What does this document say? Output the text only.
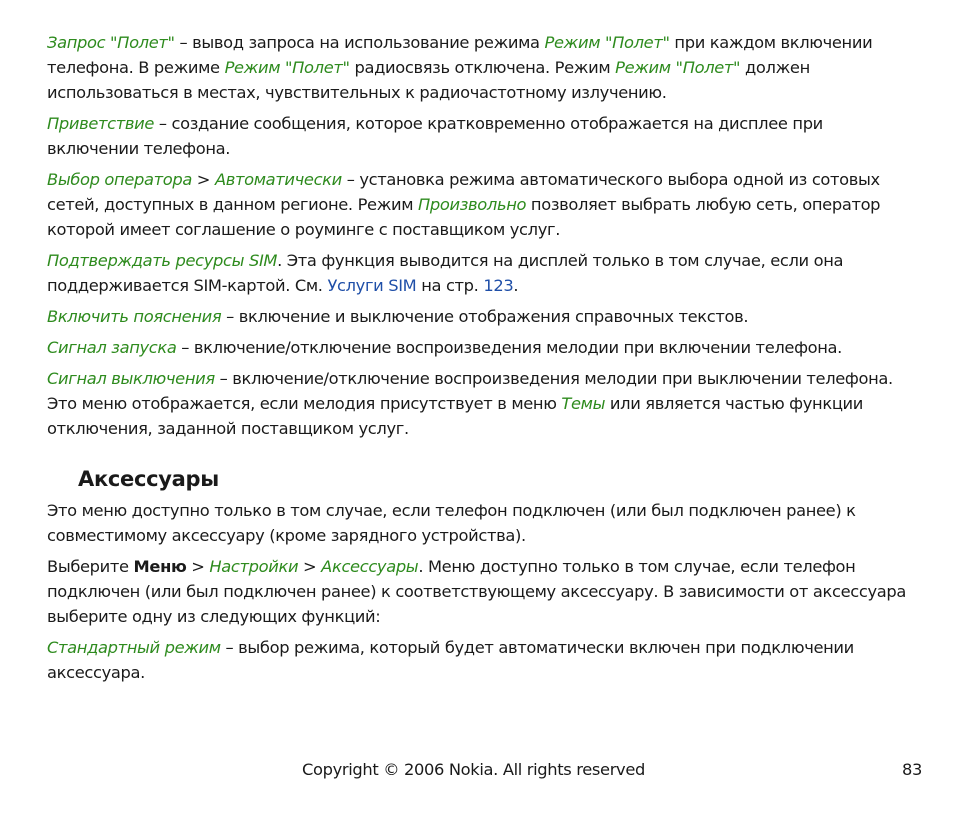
Запрос "Полет" – вывод запроса на использование режима Режим "Полет" при каждом включении телефона. В режиме Режим "Полет" радиосвязь отключена. Режим Режим "Полет" должен использоваться в местах, чувствительных к радиочастотному излучению.

Приветствие – создание сообщения, которое кратковременно отображается на дисплее при включении телефона.

Выбор оператора > Автоматически – установка режима автоматического выбора одной из сотовых сетей, доступных в данном регионе. Режим Произвольно позволяет выбрать любую сеть, оператор которой имеет соглашение о роуминге с поставщиком услуг.

Подтверждать ресурсы SIM. Эта функция выводится на дисплей только в том случае, если она поддерживается SIM-картой. См. Услуги SIM на стр. 123.

Включить пояснения – включение и выключение отображения справочных текстов.

Сигнал запуска – включение/отключение воспроизведения мелодии при включении телефона.

Сигнал выключения – включение/отключение воспроизведения мелодии при выключении телефона. Это меню отображается, если мелодия присутствует в меню Темы или является частью функции отключения, заданной поставщиком услуг.

Аксессуары

Это меню доступно только в том случае, если телефон подключен (или был подключен ранее) к совместимому аксессуару (кроме зарядного устройства).

Выберите Меню > Настройки > Аксессуары. Меню доступно только в том случае, если телефон подключен (или был подключен ранее) к соответствующему аксессуару. В зависимости от аксессуара выберите одну из следующих функций:

Стандартный режим – выбор режима, который будет автоматически включен при подключении аксессуара.

Copyright © 2006 Nokia. All rights reserved	83
